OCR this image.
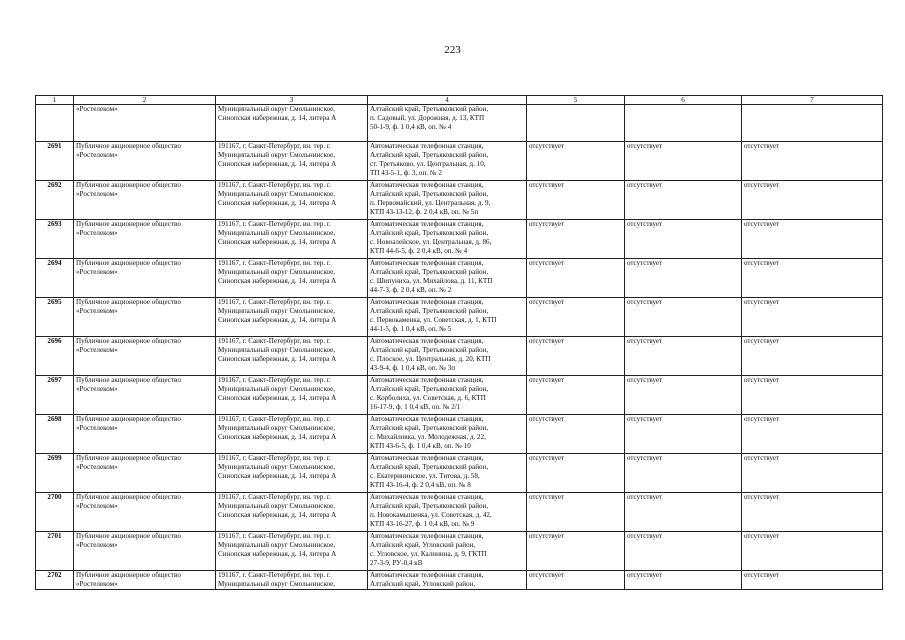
223
1	2	3	4	5	6	7

	«Ростелеком»	Муниципальный округ Смольнинское,
Синопская набережная, д. 14, литера А	Алтайский край, Третьяковский район,
п. Садовый, ул. Дорожная, д. 13, КТП
50-1-9, ф. 1 0,4 кВ, оп. № 4			

2691	Публичное акционерное общество
«Ростелеком»	191167, г. Санкт-Петербург, вн. тер. г.
Муниципальный округ Смольнинское,
Синопская набережная, д. 14, литера А	Автоматическая телефонная станция,
Алтайский край, Третьяковский район,
ст. Третьяково, ул. Центральная, д. 10,
ТП 43-5-1, ф. 3, оп. № 2	отсутствует	отсутствует	отсутствует
2692	Публичное акционерное общество
«Ростелеком»	191167, г. Санкт-Петербург, вн. тер. г.
Муниципальный округ Смольнинское,
Синопская набережная, д. 14, литера А	Автоматическая телефонная станция,
Алтайский край, Третьяковский район,
п. Первомайский, ул. Центральная, д. 9,
КТП 43-13-12, ф. 2 0,4 кВ, оп. № 5п	отсутствует	отсутствует	отсутствует
2693	Публичное акционерное общество
«Ростелеком»	191167, г. Санкт-Петербург, вн. тер. г.
Муниципальный округ Смольнинское,
Синопская набережная, д. 14, литера А	Автоматическая телефонная станция,
Алтайский край, Третьяковский район,
с. Новоалейское, ул. Центральная, д. 86,
КТП 44-6-5, ф. 2 0,4 кВ, оп. № 4	отсутствует	отсутствует	отсутствует
2694	Публичное акционерное общество
«Ростелеком»	191167, г. Санкт-Петербург, вн. тер. г.
Муниципальный округ Смольнинское,
Синопская набережная, д. 14, литера А	Автоматическая телефонная станция,
Алтайский край, Третьяковский район,
с. Шипуниха, ул. Михайлова, д. 11, КТП
44-7-3, ф. 2 0,4 кВ, оп. № 2	отсутствует	отсутствует	отсутствует
2695	Публичное акционерное общество
«Ростелеком»	191167, г. Санкт-Петербург, вн. тер. г.
Муниципальный округ Смольнинское,
Синопская набережная, д. 14, литера А	Автоматическая телефонная станция,
Алтайский край, Третьяковский район,
с. Первокаменка, ул. Советская, д. 1, КТП
44-1-5, ф. 1 0,4 кВ, оп. № 5	отсутствует	отсутствует	отсутствует
2696	Публичное акционерное общество
«Ростелеком»	191167, г. Санкт-Петербург, вн. тер. г.
Муниципальный округ Смольнинское,
Синопская набережная, д. 14, литера А	Автоматическая телефонная станция,
Алтайский край, Третьяковский район,
с. Плоское, ул. Центральная, д. 20, КТП
43-9-4, ф. 1 0,4 кВ, оп. № 3п	отсутствует	отсутствует	отсутствует
2697	Публичное акционерное общество
«Ростелеком»	191167, г. Санкт-Петербург, вн. тер. г.
Муниципальный округ Смольнинское,
Синопская набережная, д. 14, литера А	Автоматическая телефонная станция,
Алтайский край, Третьяковский район,
с. Корболиха, ул. Советская, д. 6, КТП
16-17-9, ф. 1 0,4 кВ, оп. № 2/1	отсутствует	отсутствует	отсутствует
2698	Публичное акционерное общество
«Ростелеком»	191167, г. Санкт-Петербург, вн. тер. г.
Муниципальный округ Смольнинское,
Синопская набережная, д. 14, литера А	Автоматическая телефонная станция,
Алтайский край, Третьяковский район,
с. Михайловка, ул. Молодежная, д. 22,
КТП 43-6-5, ф. 1 0,4 кВ, оп. № 10	отсутствует	отсутствует	отсутствует
2699	Публичное акционерное общество
«Ростелеком»	191167, г. Санкт-Петербург, вн. тер. г.
Муниципальный округ Смольнинское,
Синопская набережная, д. 14, литера А	Автоматическая телефонная станция,
Алтайский край, Третьяковский район,
с. Екатерининское, ул. Титова, д. 58,
КТП 43-16-4, ф. 2 0,4 кВ, оп. № 8	отсутствует	отсутствует	отсутствует
2700	Публичное акционерное общество
«Ростелеком»	191167, г. Санкт-Петербург, вн. тер. г.
Муниципальный округ Смольнинское,
Синопская набережная, д. 14, литера А	Автоматическая телефонная станция,
Алтайский край, Третьяковский район,
п. Новокамышенка, ул. Советская, д. 42,
КТП 43-16-27, ф. 1 0,4 кВ, оп. № 9	отсутствует	отсутствует	отсутствует
2701	Публичное акционерное общество
«Ростелеком»	191167, г. Санкт-Петербург, вн. тер. г.
Муниципальный округ Смольнинское,
Синопская набережная, д. 14, литера А	Автоматическая телефонная станция,
Алтайский край, Угловский район,
с. Угловское, ул. Калинина, д. 9, ГКТП
27-3-9, РУ-0,4 кВ	отсутствует	отсутствует	отсутствует
2702	Публичное акционерное общество
«Ростелеком»	191167, г. Санкт-Петербург, вн. тер. г.
Муниципальный округ Смольнинское,	Автоматическая телефонная станция,
Алтайский край, Угловский район,	отсутствует	отсутствует	отсутствует
